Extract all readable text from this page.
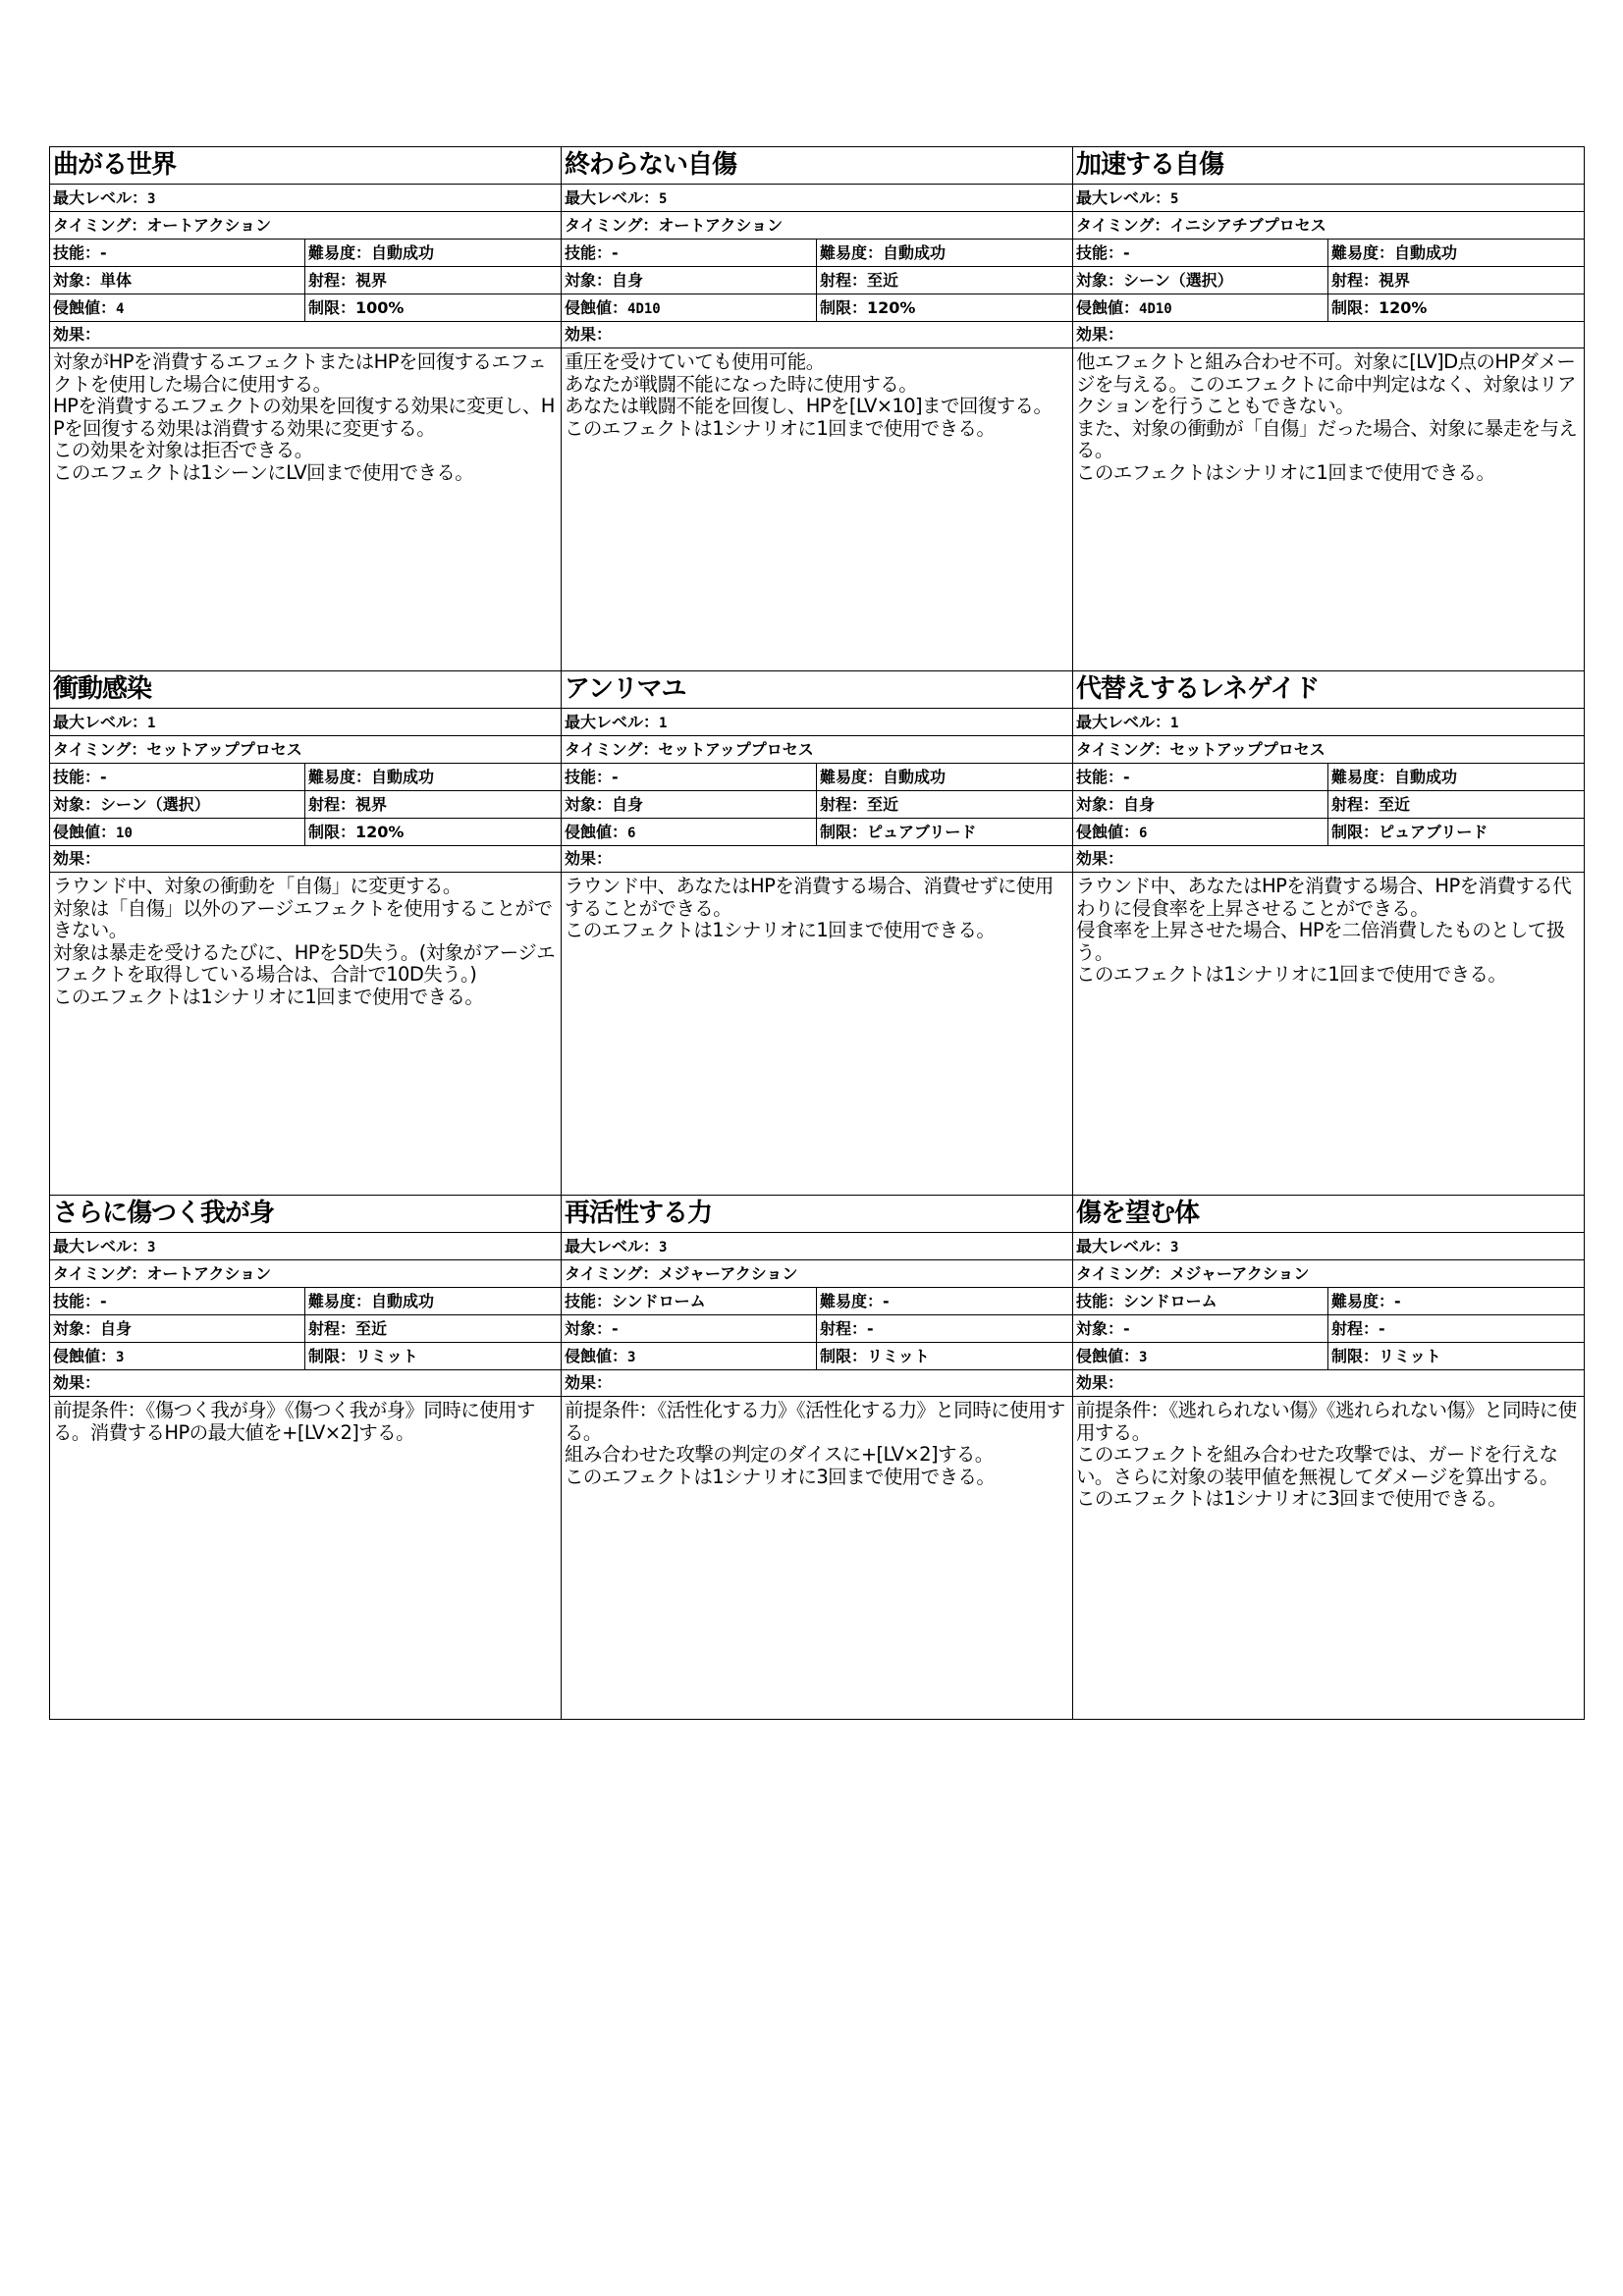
曲がる世界
最大レベル：3
タイミング：オートアクション
技能：-	難易度：自動成功
対象：単体	射程：視界
侵蝕値：4	制限：100%
効果：
対象がHPを消費するエフェクトまたはHPを回復するエフェクトを使用した場合に使用する。
HPを消費するエフェクトの効果を回復する効果に変更し、HPを回復する効果は消費する効果に変更する。
この効果を対象は拒否できる。
このエフェクトは1シーンにLV回まで使用できる。
終わらない自傷
最大レベル：5
タイミング：オートアクション
技能：-	難易度：自動成功
対象：自身	射程：至近
侵蝕値：4D10	制限：120%
効果：
重圧を受けていても使用可能。
あなたが戦闘不能になった時に使用する。
あなたは戦闘不能を回復し、HPを[LV×10]まで回復する。このエフェクトは1シナリオに1回まで使用できる。
加速する自傷
最大レベル：5
タイミング：イニシアチブプロセス
技能：-	難易度：自動成功
対象：シーン（選択）	射程：視界
侵蝕値：4D10	制限：120%
効果：
他エフェクトと組み合わせ不可。対象に[LV]D点のHPダメージを与える。このエフェクトに命中判定はなく、対象はリアクションを行うこともできない。
また、対象の衝動が「自傷」だった場合、対象に暴走を与える。
このエフェクトはシナリオに1回まで使用できる。
衝動感染
最大レベル：1
タイミング：セットアッププロセス
技能：-	難易度：自動成功
対象：シーン（選択）	射程：視界
侵蝕値：10	制限：120%
効果：
ラウンド中、対象の衝動を「自傷」に変更する。
対象は「自傷」以外のアージエフェクトを使用することができない。
対象は暴走を受けるたびに、HPを5D失う。(対象がアージエフェクトを取得している場合は、合計で10D失う。)
このエフェクトは1シナリオに1回まで使用できる。
アンリマユ
最大レベル：1
タイミング：セットアッププロセス
技能：-	難易度：自動成功
対象：自身	射程：至近
侵蝕値：6	制限：ピュアブリード
効果：
ラウンド中、あなたはHPを消費する場合、消費せずに使用することができる。
このエフェクトは1シナリオに1回まで使用できる。
代替えするレネゲイド
最大レベル：1
タイミング：セットアッププロセス
技能：-	難易度：自動成功
対象：自身	射程：至近
侵蝕値：6	制限：ピュアブリード
効果：
ラウンド中、あなたはHPを消費する場合、HPを消費する代わりに侵食率を上昇させることができる。
侵食率を上昇させた場合、HPを二倍消費したものとして扱う。
このエフェクトは1シナリオに1回まで使用できる。
さらに傷つく我が身
最大レベル：3
タイミング：オートアクション
技能：-	難易度：自動成功
対象：自身	射程：至近
侵蝕値：3	制限：リミット
効果：
前提条件：《傷つく我が身》《傷つく我が身》同時に使用する。消費するHPの最大値を+[LV×2]する。
再活性する力
最大レベル：3
タイミング：メジャーアクション
技能：シンドローム	難易度：-
対象：-	射程：-
侵蝕値：3	制限：リミット
効果：
前提条件：《活性化する力》《活性化する力》と同時に使用する。
組み合わせた攻撃の判定のダイスに+[LV×2]する。
このエフェクトは1シナリオに3回まで使用できる。
傷を望む体
最大レベル：3
タイミング：メジャーアクション
技能：シンドローム	難易度：-
対象：-	射程：-
侵蝕値：3	制限：リミット
効果：
前提条件：《逃れられない傷》《逃れられない傷》と同時に使用する。
このエフェクトを組み合わせた攻撃では、ガードを行えない。さらに対象の装甲値を無視してダメージを算出する。
このエフェクトは1シナリオに3回まで使用できる。
